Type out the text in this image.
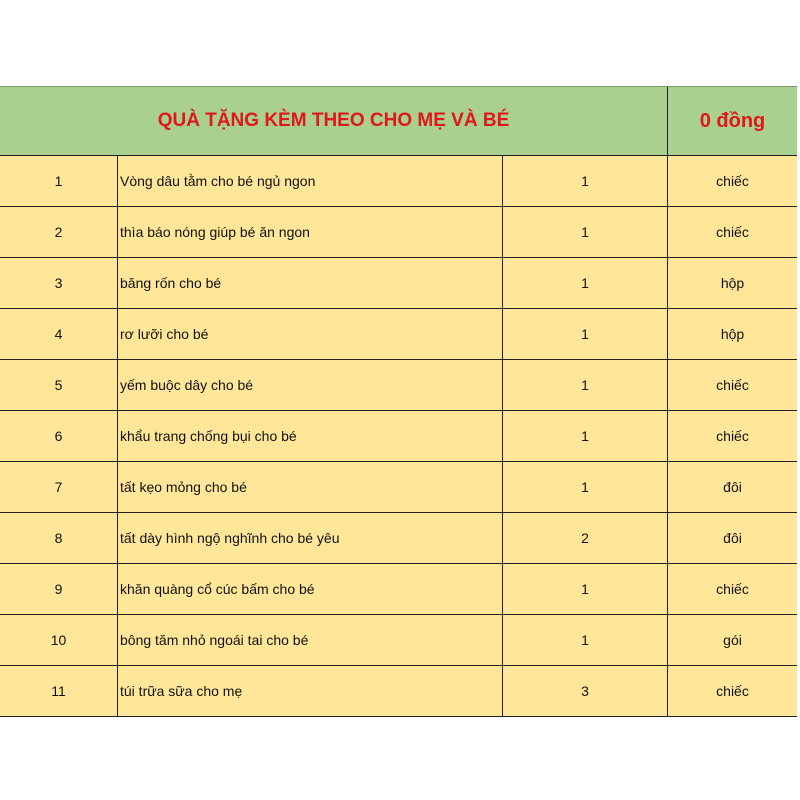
QUÀ TẶNG KÈM THEO CHO MẸ VÀ BÉ	0 đồng
1	Vòng dâu tằm cho bé ngủ ngon	1	chiếc
2	thìa báo nóng giúp bé ăn ngon	1	chiếc
3	băng rốn cho bé	1	hộp
4	rơ lưỡi cho bé	1	hộp
5	yếm buộc dây cho bé	1	chiếc
6	khẩu trang chống bụi cho bé	1	chiếc
7	tất kẹo mỏng cho bé	1	đôi
8	tất dày hình ngộ nghĩnh cho bé yêu	2	đôi
9	khăn quàng cổ cúc bấm cho bé	1	chiếc
10	bông tăm nhỏ ngoái tai cho bé	1	gói
11	túi trữa sữa cho mẹ	3	chiếc
